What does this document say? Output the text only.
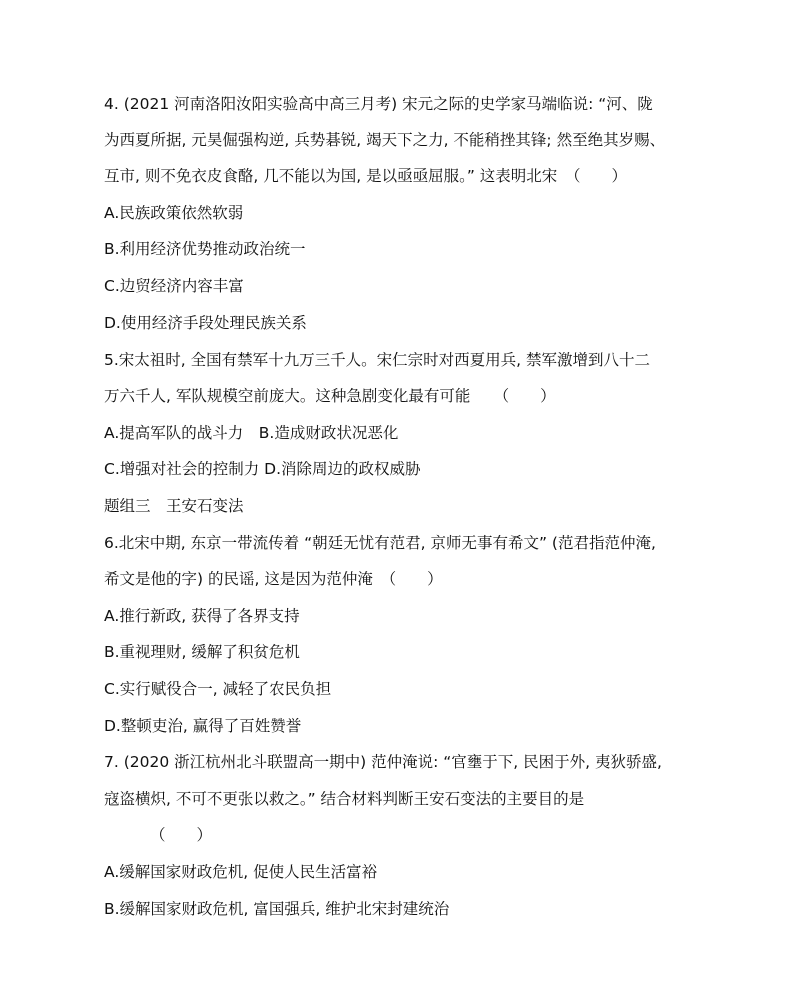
4. (2021 河南洛阳汝阳实验高中高三月考) 宋元之际的史学家马端临说: “河、陇
为西夏所据, 元昊倔强构逆, 兵势碁锐, 竭天下之力, 不能稍挫其锋; 然至绝其岁赐、
互市, 则不免衣皮食酪, 几不能以为国, 是以亟亟屈服。” 这表明北宋　（　　）
A.民族政策依然软弱
B.利用经济优势推动政治统一
C.边贸经济内容丰富
D.使用经济手段处理民族关系
5.宋太祖时, 全国有禁军十九万三千人。宋仁宗时对西夏用兵, 禁军激增到八十二
万六千人, 军队规模空前庞大。这种急剧变化最有可能　　（　　）
A.提高军队的战斗力　B.造成财政状况恶化
C.增强对社会的控制力 D.消除周边的政权威胁
题组三　王安石变法
6.北宋中期, 东京一带流传着 “朝廷无忧有范君, 京师无事有希文” (范君指范仲淹,
希文是他的字) 的民谣, 这是因为范仲淹　（　　）
A.推行新政, 获得了各界支持
B.重视理财, 缓解了积贫危机
C.实行赋役合一, 减轻了农民负担
D.整顿吏治, 赢得了百姓赞誉
7. (2020 浙江杭州北斗联盟高一期中) 范仲淹说: “官壅于下, 民困于外, 夷狄骄盛,
寇盗横炽, 不可不更张以救之。” 结合材料判断王安石变法的主要目的是
（　　）
A.缓解国家财政危机, 促使人民生活富裕
B.缓解国家财政危机, 富国强兵, 维护北宋封建统治
